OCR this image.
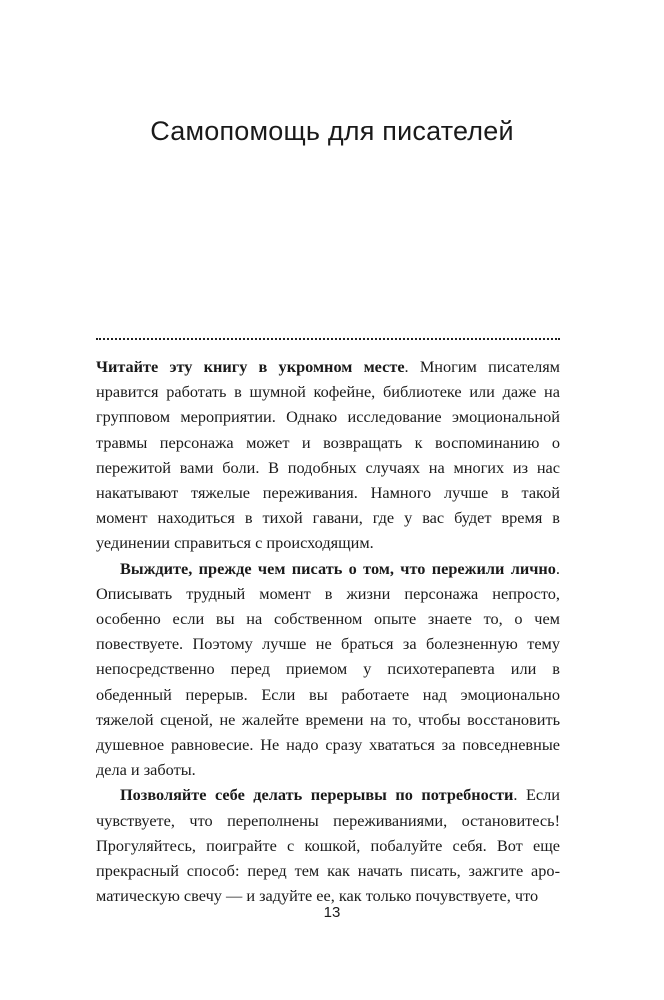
Самопомощь для писателей

Читайте эту книгу в укромном месте. Многим писателям нравится работать в шумной кофейне, библиотеке или даже на групповом мероприятии. Однако исследование эмоциональной травмы персонажа может и возвращать к воспоминанию о пережитой вами боли. В подобных случаях на многих из нас накатывают тяжелые переживания. Намного лучше в такой момент находиться в тихой гавани, где у вас будет время в уединении справиться с происходящим.

Выждите, прежде чем писать о том, что пережили лично. Описывать трудный момент в жизни персонажа непросто, особенно если вы на собственном опыте знаете то, о чем повествуете. Поэтому лучше не браться за болезненную тему непосредственно перед приемом у психотерапевта или в обеденный перерыв. Если вы работаете над эмоционально тяжелой сценой, не жалейте времени на то, чтобы восстановить душевное равновесие. Не надо сразу хвататься за повседневные дела и заботы.

Позволяйте себе делать перерывы по потребности. Если чувствуете, что переполнены переживаниями, остановитесь! Прогуляйтесь, поиграйте с кошкой, побалуйте себя. Вот еще прекрасный способ: перед тем как начать писать, зажгите ароматическую свечу — и задуйте ее, как только почувствуете, что

13
